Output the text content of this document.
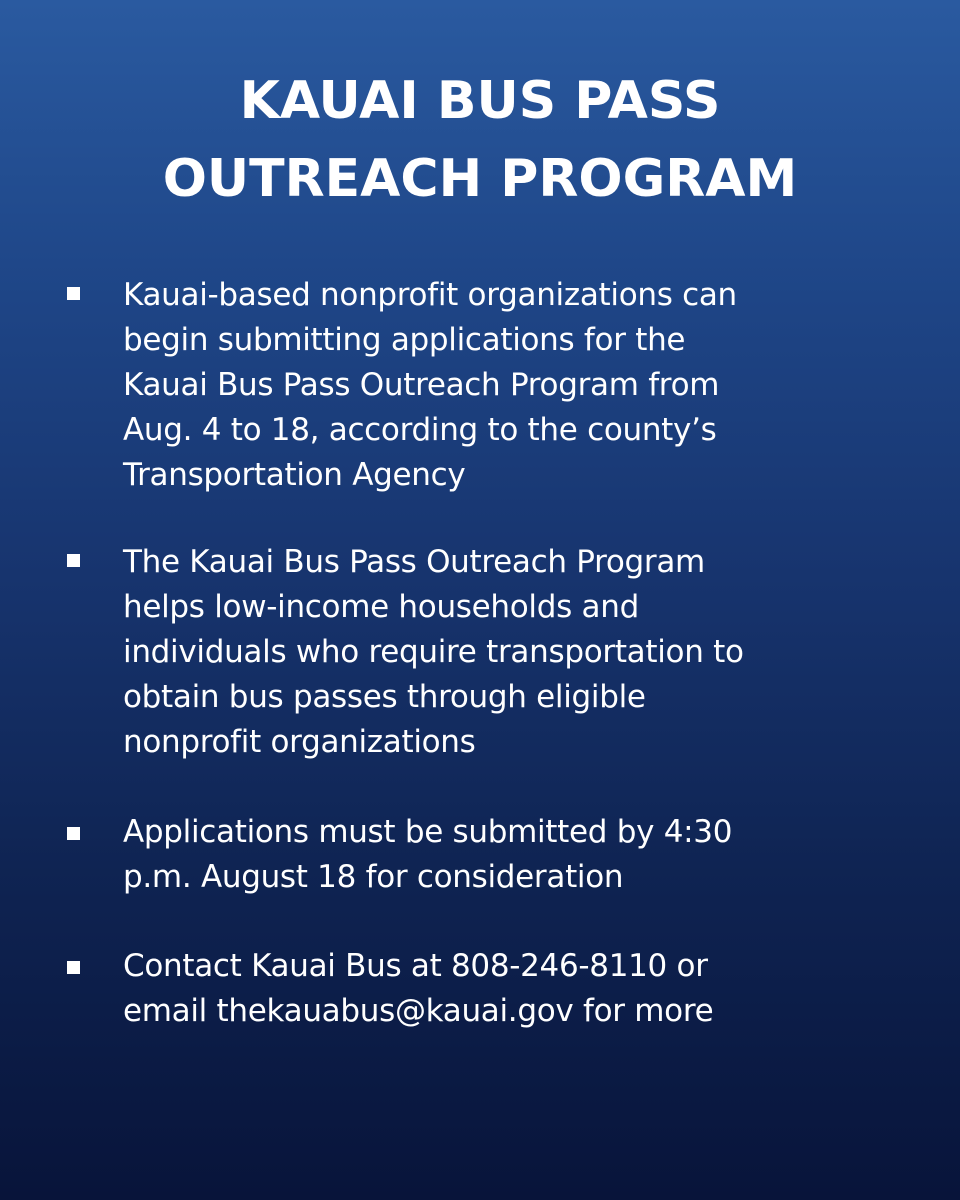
KAUAI BUS PASS
OUTREACH PROGRAM
Kauai-based nonprofit organizations can
begin submitting applications for the
Kauai Bus Pass Outreach Program from
Aug. 4 to 18, according to the county’s
Transportation Agency
The Kauai Bus Pass Outreach Program
helps low-income households and
individuals who require transportation to
obtain bus passes through eligible
nonprofit organizations
Applications must be submitted by 4:30
p.m. August 18 for consideration
Contact Kauai Bus at 808-246-8110 or
email thekauabus@kauai.gov for more
